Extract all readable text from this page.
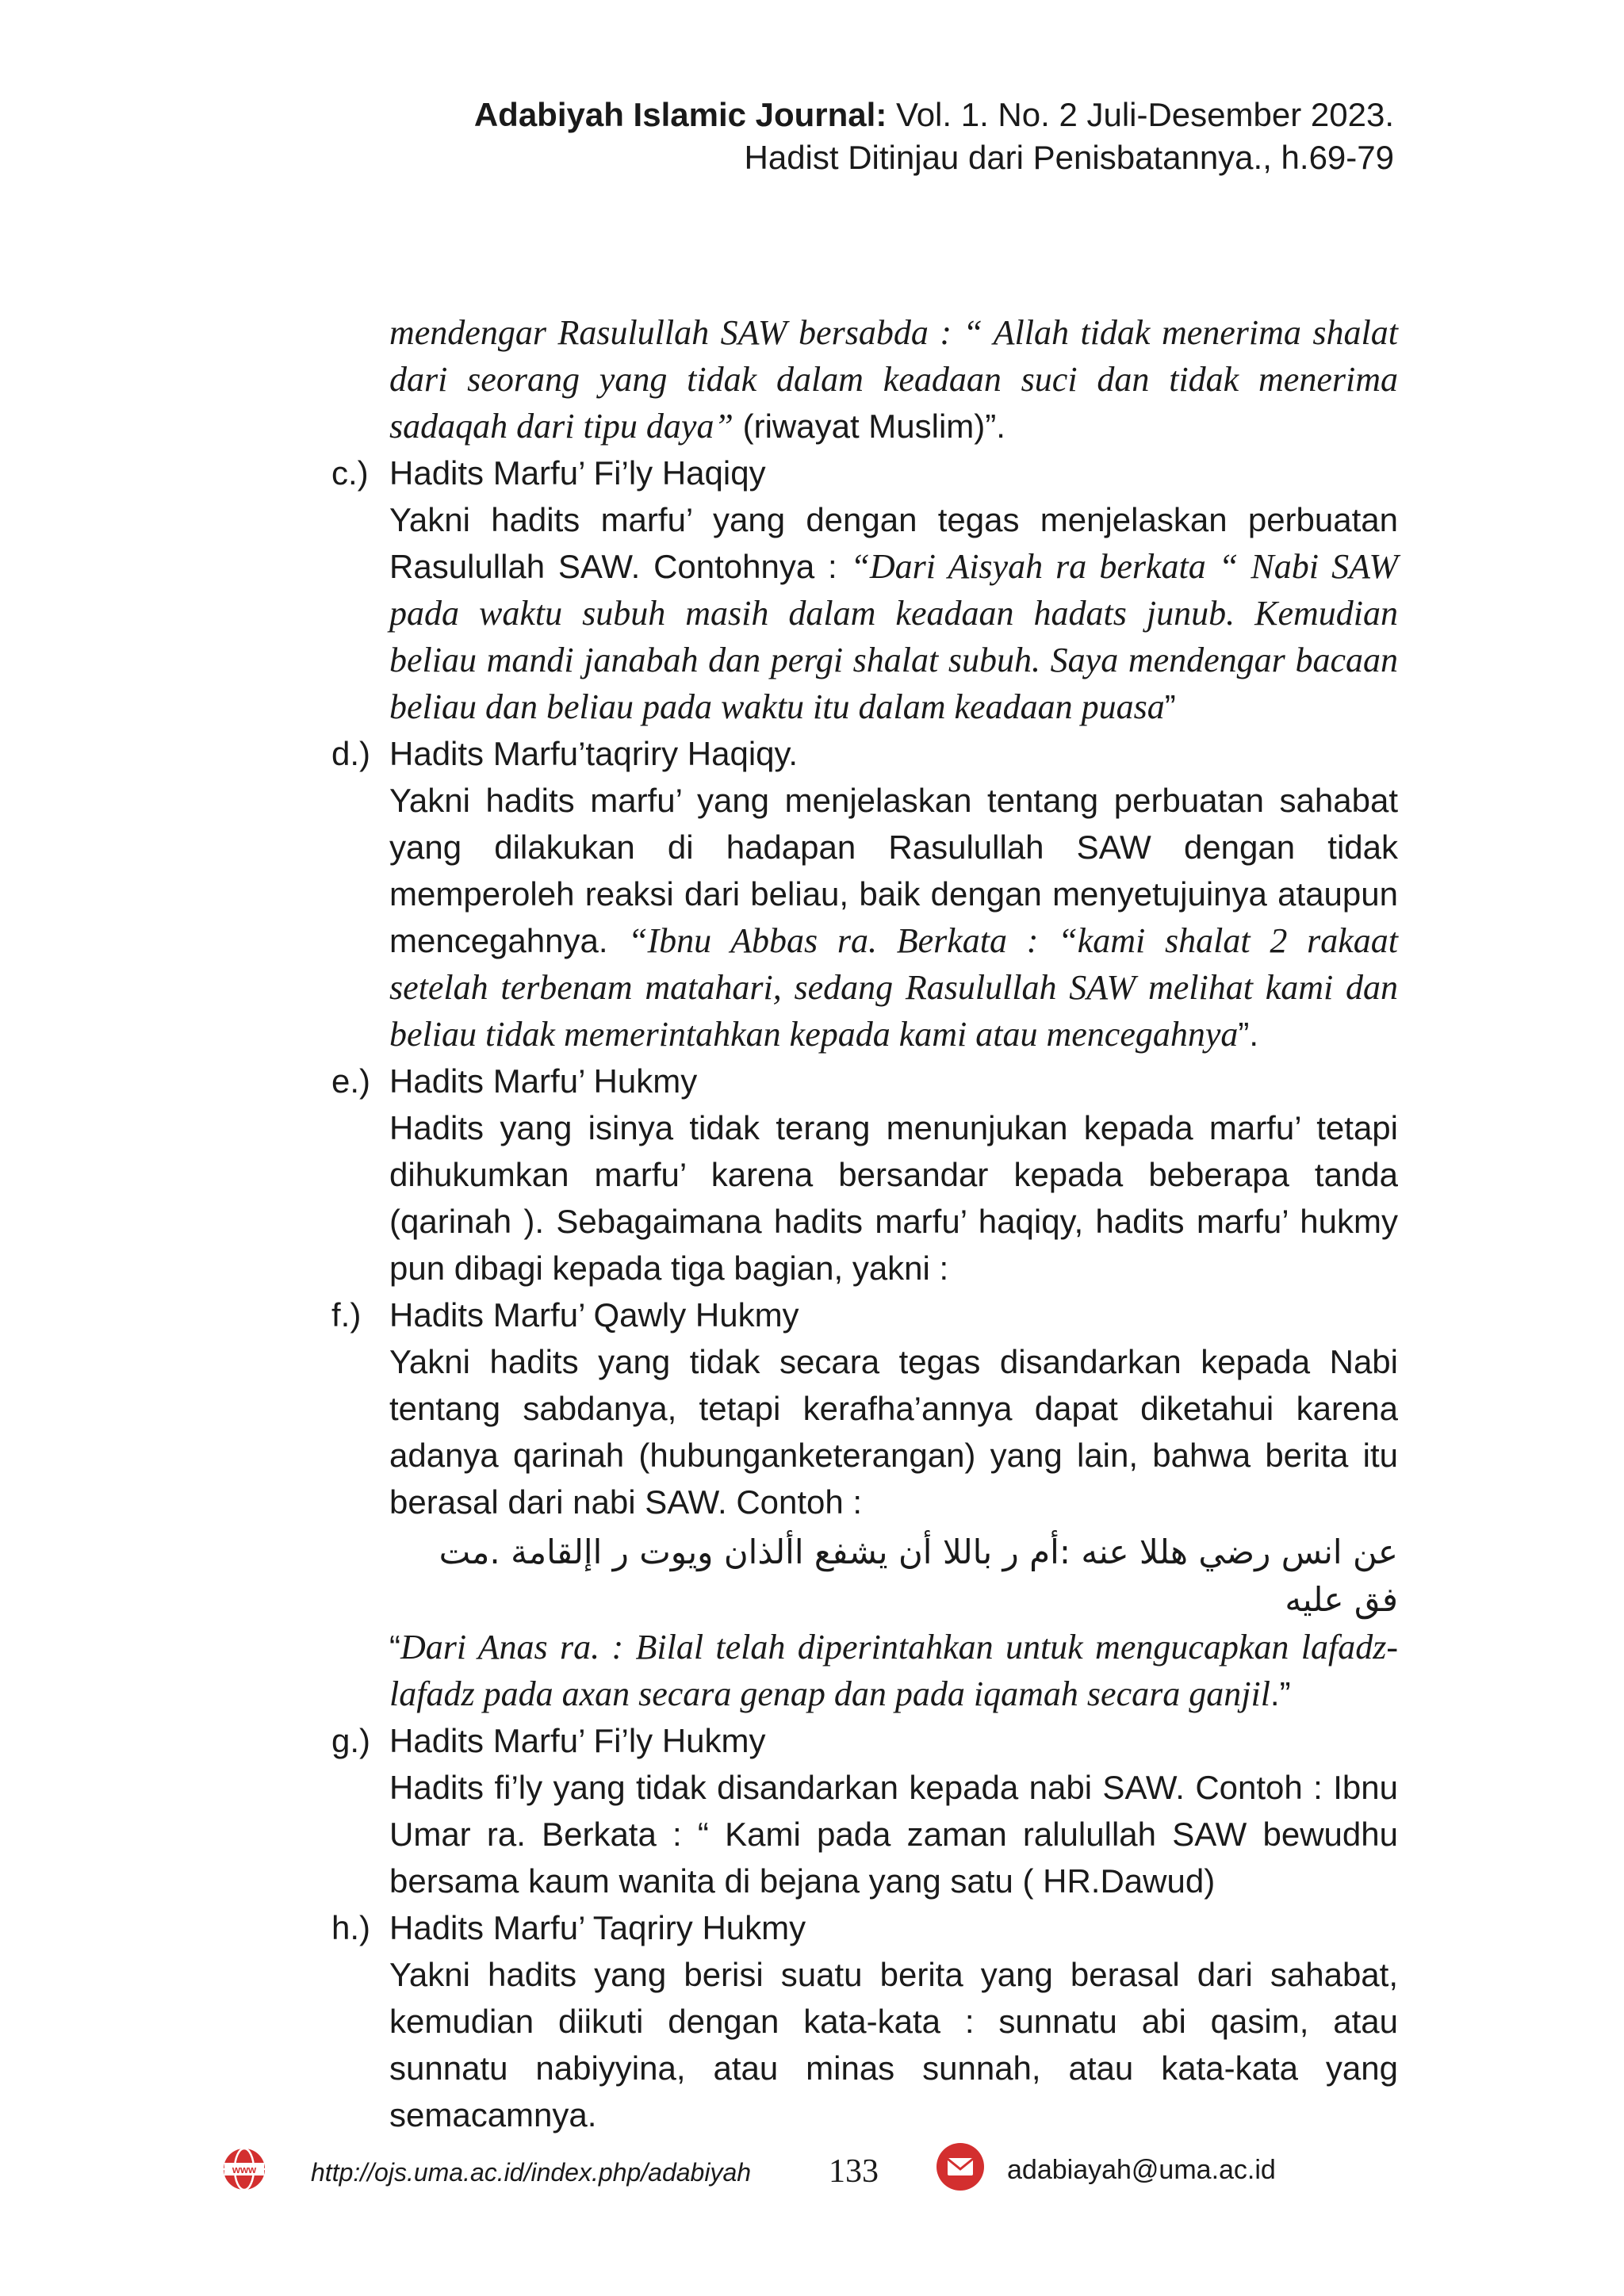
Adabiyah Islamic Journal: Vol. 1. No. 2 Juli-Desember 2023.
Hadist Ditinjau dari Penisbatannya., h.69-79

mendengar Rasulullah SAW bersabda : “ Allah tidak menerima shalat dari seorang yang tidak dalam keadaan suci dan tidak menerima sadaqah dari tipu daya” (riwayat Muslim)”.

c.) Hadits Marfu’ Fi’ly Haqiqy

Yakni hadits marfu’ yang dengan tegas menjelaskan perbuatan Rasulullah SAW. Contohnya : “Dari Aisyah ra berkata “ Nabi SAW pada waktu subuh masih dalam keadaan hadats junub. Kemudian beliau mandi janabah dan pergi shalat subuh. Saya mendengar bacaan beliau dan beliau pada waktu itu dalam keadaan puasa”

d.) Hadits Marfu’taqriry Haqiqy.

Yakni hadits marfu’ yang menjelaskan tentang perbuatan sahabat yang dilakukan di hadapan Rasulullah SAW dengan tidak memperoleh reaksi dari beliau, baik dengan menyetujuinya ataupun mencegahnya. “Ibnu Abbas ra. Berkata : “kami shalat 2 rakaat setelah terbenam matahari, sedang Rasulullah SAW melihat kami dan beliau tidak memerintahkan kepada kami atau mencegahnya”.

e.) Hadits Marfu’ Hukmy

Hadits yang isinya tidak terang menunjukan kepada marfu’ tetapi dihukumkan marfu’ karena bersandar kepada beberapa tanda (qarinah ). Sebagaimana hadits marfu’ haqiqy, hadits marfu’ hukmy pun dibagi kepada tiga bagian, yakni :

f.) Hadits Marfu’ Qawly Hukmy

Yakni hadits yang tidak secara tegas disandarkan kepada Nabi tentang sabdanya, tetapi kerafha’annya dapat diketahui karena adanya qarinah (hubunganketerangan) yang lain, bahwa berita itu berasal dari nabi SAW. Contoh :

عن انس رضي هللا عنه :أم ر باللا أن يشفع األذان ويوت ر اإلقامة .مت فق عليه

“Dari Anas ra. : Bilal telah diperintahkan untuk mengucapkan lafadz-lafadz pada axan secara genap dan pada iqamah secara ganjil.”

g.) Hadits Marfu’ Fi’ly Hukmy

Hadits fi’ly yang tidak disandarkan kepada nabi SAW. Contoh : Ibnu Umar ra. Berkata : “ Kami pada zaman ralulullah SAW bewudhu bersama kaum wanita di bejana yang satu ( HR.Dawud)

h.) Hadits Marfu’ Taqriry Hukmy

Yakni hadits yang berisi suatu berita yang berasal dari sahabat, kemudian diikuti dengan kata-kata : sunnatu abi qasim, atau sunnatu nabiyyina, atau minas sunnah, atau kata-kata yang semacamnya.

www http://ojs.uma.ac.id/index.php/adabiyah 133	adabiayah@uma.ac.id
